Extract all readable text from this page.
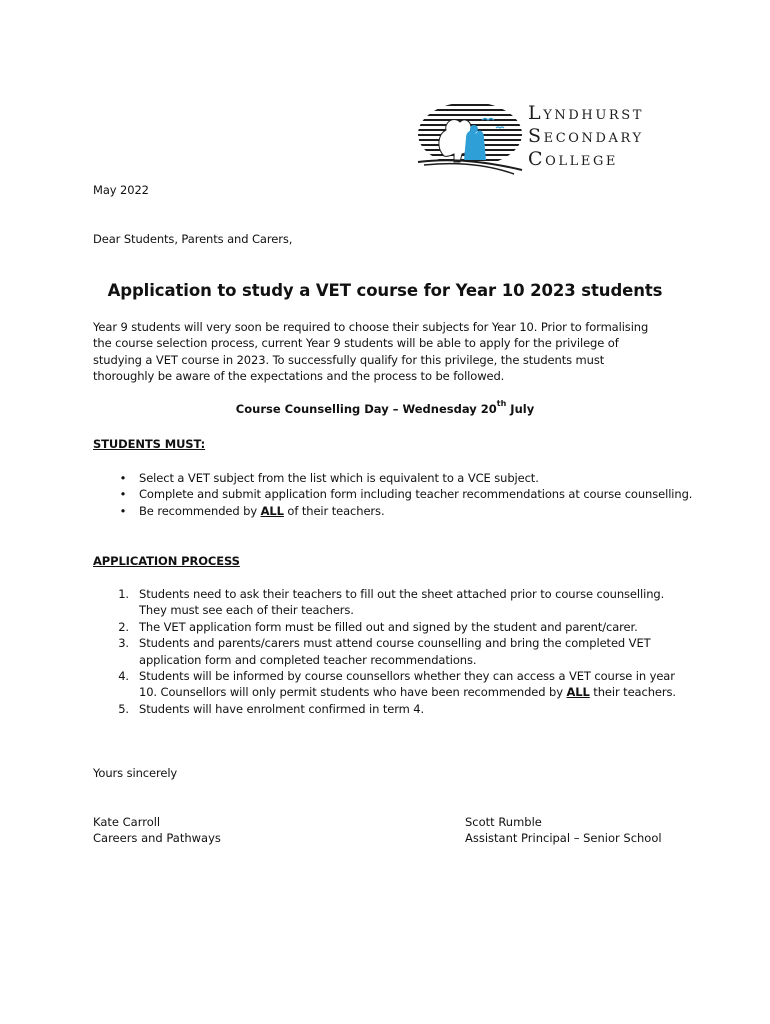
Lyndhurst
Secondary
College
May 2022
Dear Students, Parents and Carers,
Application to study a VET course for Year 10 2023 students
Year 9 students will very soon be required to choose their subjects for Year 10. Prior to formalising the course selection process, current Year 9 students will be able to apply for the privilege of studying a VET course in 2023. To successfully qualify for this privilege, the students must thoroughly be aware of the expectations and the process to be followed.
Course Counselling Day – Wednesday 20th July
STUDENTS MUST:
•	Select a VET subject from the list which is equivalent to a VCE subject.
•	Complete and submit application form including teacher recommendations at course counselling.
•	Be recommended by ALL of their teachers.
APPLICATION PROCESS
1. Students need to ask their teachers to fill out the sheet attached prior to course counselling. They must see each of their teachers.
2. The VET application form must be filled out and signed by the student and parent/carer.
3. Students and parents/carers must attend course counselling and bring the completed VET application form and completed teacher recommendations.
4. Students will be informed by course counsellors whether they can access a VET course in year 10. Counsellors will only permit students who have been recommended by ALL their teachers.
5. Students will have enrolment confirmed in term 4.
Yours sincerely
Kate Carroll
Careers and Pathways
Scott Rumble
Assistant Principal – Senior School
